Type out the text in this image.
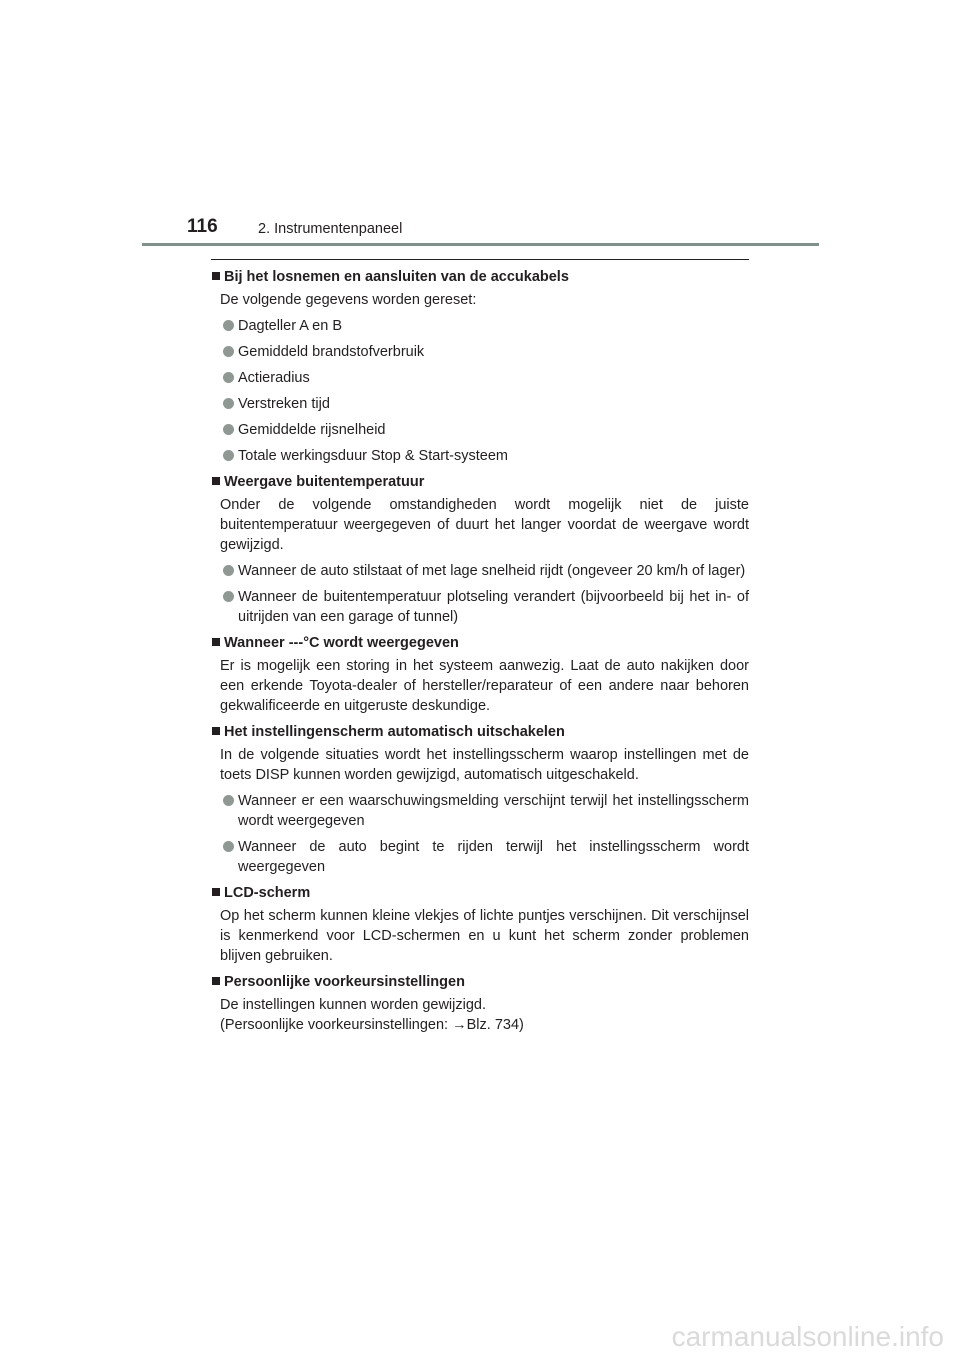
116	2. Instrumentenpaneel
Bij het losnemen en aansluiten van de accukabels
De volgende gegevens worden gereset:
Dagteller A en B
Gemiddeld brandstofverbruik
Actieradius
Verstreken tijd
Gemiddelde rijsnelheid
Totale werkingsduur Stop & Start-systeem
Weergave buitentemperatuur
Onder de volgende omstandigheden wordt mogelijk niet de juiste buitentemperatuur weergegeven of duurt het langer voordat de weergave wordt gewijzigd.
Wanneer de auto stilstaat of met lage snelheid rijdt (ongeveer 20 km/h of lager)
Wanneer de buitentemperatuur plotseling verandert (bijvoorbeeld bij het in- of uitrijden van een garage of tunnel)
Wanneer ---°C wordt weergegeven
Er is mogelijk een storing in het systeem aanwezig. Laat de auto nakijken door een erkende Toyota-dealer of hersteller/reparateur of een andere naar behoren gekwalificeerde en uitgeruste deskundige.
Het instellingenscherm automatisch uitschakelen
In de volgende situaties wordt het instellingsscherm waarop instellingen met de toets DISP kunnen worden gewijzigd, automatisch uitgeschakeld.
Wanneer er een waarschuwingsmelding verschijnt terwijl het instellingsscherm wordt weergegeven
Wanneer de auto begint te rijden terwijl het instellingsscherm wordt weergegeven
LCD-scherm
Op het scherm kunnen kleine vlekjes of lichte puntjes verschijnen. Dit verschijnsel is kenmerkend voor LCD-schermen en u kunt het scherm zonder problemen blijven gebruiken.
Persoonlijke voorkeursinstellingen
De instellingen kunnen worden gewijzigd.
(Persoonlijke voorkeursinstellingen: →Blz. 734)
carmanualsonline.info
